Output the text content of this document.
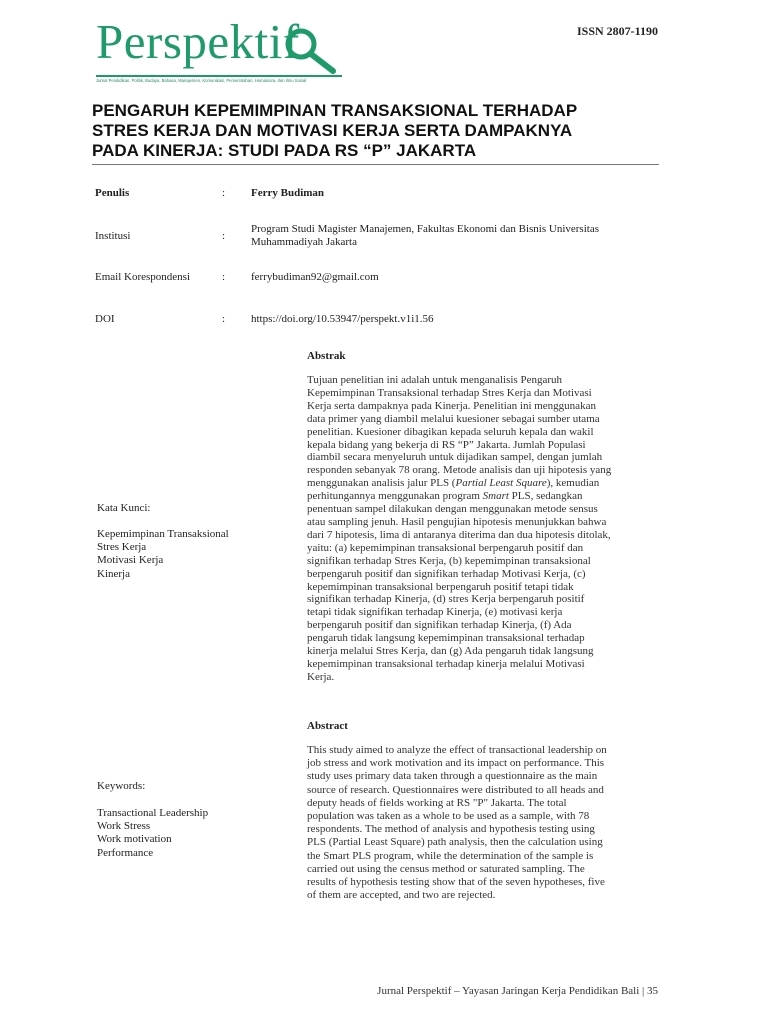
Perspektif
Jurnal Pendidikan, Politik, Budaya, Bahasa, Manajemen, Komunikasi, Pemerintahan, Humaniora, dan Ilmu Sosial
ISSN 2807-1190
PENGARUH KEPEMIMPINAN TRANSAKSIONAL TERHADAP
STRES KERJA DAN MOTIVASI KERJA SERTA DAMPAKNYA
PADA KINERJA: STUDI PADA RS “P” JAKARTA
Penulis	: Ferry Budiman
Institusi	:
Program Studi Magister Manajemen, Fakultas Ekonomi dan Bisnis Universitas
Muhammadiyah Jakarta
Email Korespondensi	: ferrybudiman92@gmail.com
DOI	: https://doi.org/10.53947/perspekt.v1i1.56
Abstrak
Tujuan penelitian ini adalah untuk menganalisis Pengaruh
Kepemimpinan Transaksional terhadap Stres Kerja dan Motivasi
Kerja serta dampaknya pada Kinerja. Penelitian ini menggunakan
data primer yang diambil melalui kuesioner sebagai sumber utama
penelitian. Kuesioner dibagikan kepada seluruh kepala dan wakil
kepala bidang yang bekerja di RS “P” Jakarta. Jumlah Populasi
diambil secara menyeluruh untuk dijadikan sampel, dengan jumlah
responden sebanyak 78 orang. Metode analisis dan uji hipotesis yang
menggunakan analisis jalur PLS (Partial Least Square), kemudian
perhitungannya menggunakan program Smart PLS, sedangkan
penentuan sampel dilakukan dengan menggunakan metode sensus
atau sampling jenuh. Hasil pengujian hipotesis menunjukkan bahwa
dari 7 hipotesis, lima di antaranya diterima dan dua hipotesis ditolak,
yaitu: (a) kepemimpinan transaksional berpengaruh positif dan
signifikan terhadap Stres Kerja, (b) kepemimpinan transaksional
berpengaruh positif dan signifikan terhadap Motivasi Kerja, (c)
kepemimpinan transaksional berpengaruh positif tetapi tidak
signifikan terhadap Kinerja, (d) stres Kerja berpengaruh positif
tetapi tidak signifikan terhadap Kinerja, (e) motivasi kerja
berpengaruh positif dan signifikan terhadap Kinerja, (f) Ada
pengaruh tidak langsung kepemimpinan transaksional terhadap
kinerja melalui Stres Kerja, dan (g) Ada pengaruh tidak langsung
kepemimpinan transaksional terhadap kinerja melalui Motivasi
Kerja.
Kata Kunci:
Kepemimpinan Transaksional
Stres Kerja
Motivasi Kerja
Kinerja
Abstract
This study aimed to analyze the effect of transactional leadership on
job stress and work motivation and its impact on performance. This
study uses primary data taken through a questionnaire as the main
source of research. Questionnaires were distributed to all heads and
deputy heads of fields working at RS "P" Jakarta. The total
population was taken as a whole to be used as a sample, with 78
respondents. The method of analysis and hypothesis testing using
PLS (Partial Least Square) path analysis, then the calculation using
the Smart PLS program, while the determination of the sample is
carried out using the census method or saturated sampling. The
results of hypothesis testing show that of the seven hypotheses, five
of them are accepted, and two are rejected.
Keywords:
Transactional Leadership
Work Stress
Work motivation
Performance
Jurnal Perspektif – Yayasan Jaringan Kerja Pendidikan Bali | 35
